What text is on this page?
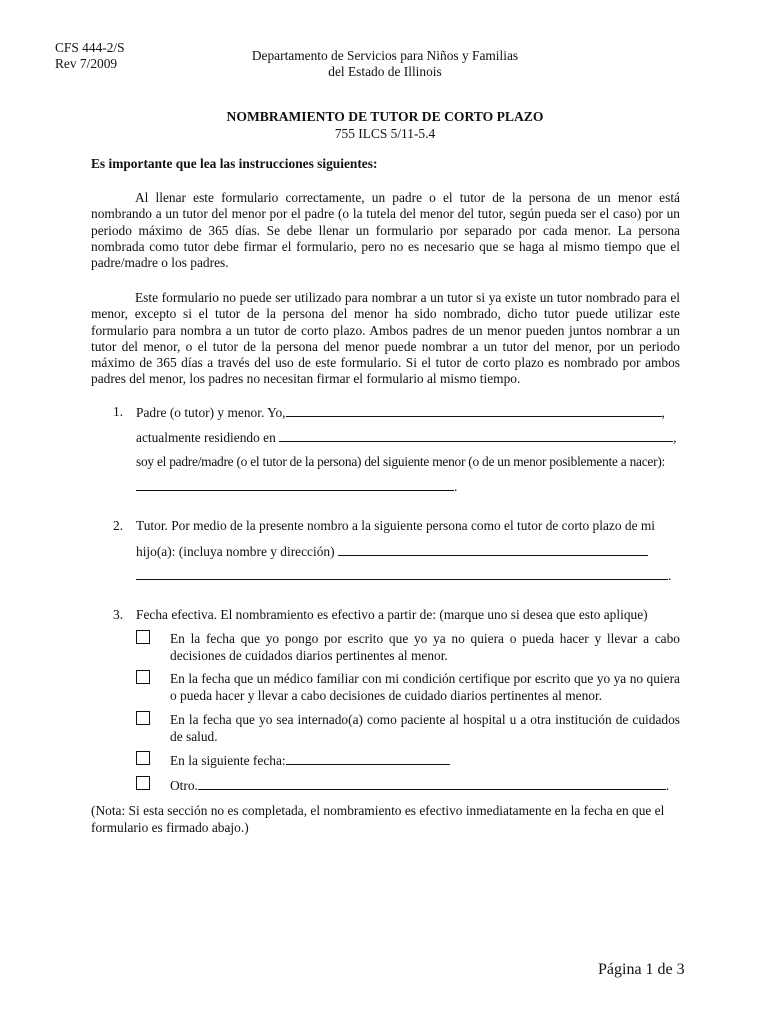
CFS 444-2/S
Rev 7/2009
Departamento de Servicios para Niños y Familias
del Estado de Illinois
NOMBRAMIENTO DE TUTOR DE CORTO PLAZO
755 ILCS 5/11-5.4
Es importante que lea las instrucciones siguientes:
Al llenar este formulario correctamente, un padre o el tutor de la persona de un menor está nombrando a un tutor del menor por el padre (o la tutela del menor del tutor, según pueda ser el caso) por un periodo máximo de 365 días. Se debe llenar un formulario por separado por cada menor. La persona nombrada como tutor debe firmar el formulario, pero no es necesario que se haga al mismo tiempo que el padre/madre o los padres.
Este formulario no puede ser utilizado para nombrar a un tutor si ya existe un tutor nombrado para el menor, excepto si el tutor de la persona del menor ha sido nombrado, dicho tutor puede utilizar este formulario para nombra a un tutor de corto plazo. Ambos padres de un menor pueden juntos nombrar a un tutor del menor, o el tutor de la persona del menor puede nombrar a un tutor del menor, por un periodo máximo de 365 días a través del uso de este formulario. Si el tutor de corto plazo es nombrado por ambos padres del menor, los padres no necesitan firmar el formulario al mismo tiempo.
1. Padre (o tutor) y menor. Yo,	,
actualmente residiendo en	,
soy el padre/madre (o el tutor de la persona) del siguiente menor (o de un menor posiblemente a nacer):
.
2. Tutor. Por medio de la presente nombro a la siguiente persona como el tutor de corto plazo de mi
hijo(a): (incluya nombre y dirección)
.
3. Fecha efectiva. El nombramiento es efectivo a partir de: (marque uno si desea que esto aplique)
En la fecha que yo pongo por escrito que yo ya no quiera o pueda hacer y llevar a cabo decisiones de cuidados diarios pertinentes al menor.
En la fecha que un médico familiar con mi condición certifique por escrito que yo ya no quiera o pueda hacer y llevar a cabo decisiones de cuidado diarios pertinentes al menor.
En la fecha que yo sea internado(a) como paciente al hospital u a otra institución de cuidados de salud.
En la siguiente fecha:
Otro.	.
(Nota: Si esta sección no es completada, el nombramiento es efectivo inmediatamente en la fecha en que el formulario es firmado abajo.)
Página 1 de 3
